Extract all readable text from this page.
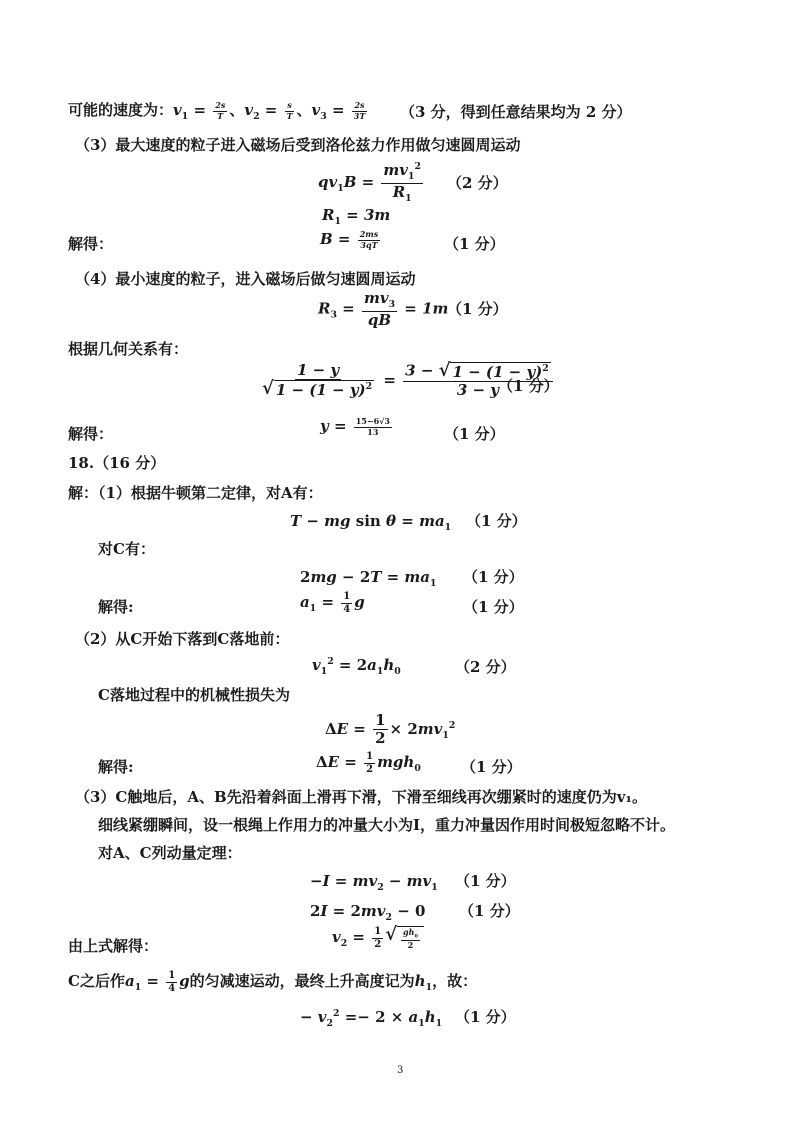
可能的速度为：$v_1 = \frac{2s}{T}$ 、$v_2 = \frac{s}{T}$ 、$v_3 = \frac{2s}{3T} (3$ 分，得到任意结果均为 2 分）
（3）最大速度的粒子进入磁场后受到洛伦兹力作用做匀速圆周运动
$qv_1B = \frac{mv_1^2}{R_1} (2$ 分）
$R_1 = 3m$
解得：	$B = \frac{2ms}{3qT}$	（1 分）
（4）最小速度的粒子，进入磁场后做匀速圆周运动
$R_3 = \frac{mv_3}{qB} = 1m$
（1 分）
根据几何关系有：
$\frac{1 - y}{√ 1 - (1 - y)^2} = \frac{3 - √ 1 - (1 - y)^2}{3 - y}$
（1 分）
解得：	$y = \frac{15-6√3}{13}$	（1 分）
18.（16 分）
解：（1）根据牛顿第二定律，对A有：
T − mg $\sin \theta = ma_1$ （1 分）
对C有：
$2mg - 2T = ma_1$ （1 分）
解得:	$a_1 = \frac{1}{4}$ g	（1 分）
（2）从C开始下落到C落地前：
$v_1^2 = 2a_1h_0$	（2 分）
C落地过程中的机械性损失为
$\Delta E = \frac{1}{2} \times 2mv_1^2$
解得:	$\Delta E = \frac{1}{2} mgh_0$	（1 分）
（3）C触地后，A、B先沿着斜面上滑再下滑，下滑至细线再次绷紧时的速度仍为v₁。
细线紧绷瞬间，设一根绳上作用力的冲量大小为I，重力冲量因作用时间极短忽略不计。
对A、C列动量定理：
$-I = mv_2 - mv_1$ （1 分）
$2I = 2mv_2 - 0$ （1 分）
由上式解得：	$v_2 = \frac{1}{2}$ √ $\frac{gh_0}{2}$
C之后作$a_1 = \frac{1}{4}$ g的匀减速运动，最终上升高度记为$h_1$，故：
− $v_2^2 =- 2 \times a_1h_1$ （1 分）
3
